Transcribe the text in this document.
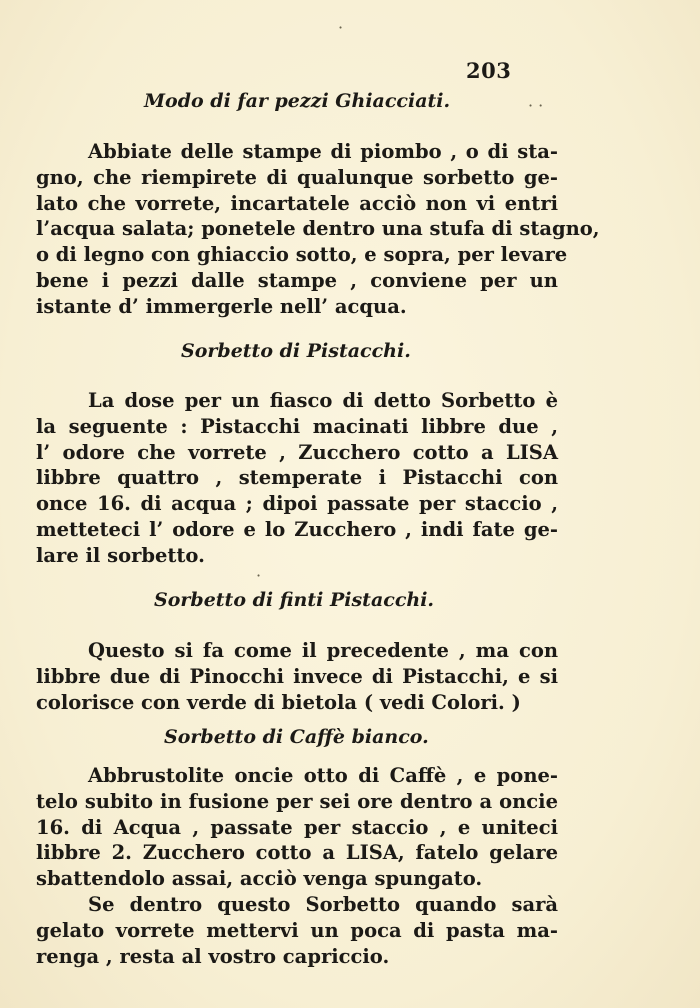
203
·
· ·
Modo di far pezzi Ghiacciati.
Abbiate delle stampe di piombo , o di sta-
gno, che riempirete di qualunque sorbetto ge-
lato che vorrete, incartatele acciò non vi entri
l’acqua salata; ponetele dentro una stufa di stagno,
o di legno con ghiaccio sotto, e sopra, per levare
bene i pezzi dalle stampe , conviene per un
istante d’ immergerle nell’ acqua.
Sorbetto di Pistacchi.
La dose per un fiasco di detto Sorbetto è
la seguente : Pistacchi macinati libbre due ,
l’ odore che vorrete , Zucchero cotto a LISA
libbre quattro , stemperate i Pistacchi con
once 16. di acqua ; dipoi passate per staccio ,
metteteci l’ odore e lo Zucchero , indi fate ge-
lare il sorbetto.
·
Sorbetto di finti Pistacchi.
Questo si fa come il precedente , ma con
libbre due di Pinocchi invece di Pistacchi, e si
colorisce con verde di bietola ( vedi Colori. )
Sorbetto di Caffè bianco.
Abbrustolite oncie otto di Caffè , e pone-
telo subito in fusione per sei ore dentro a oncie
16. di Acqua , passate per staccio , e uniteci
libbre 2. Zucchero cotto a LISA, fatelo gelare
sbattendolo assai, acciò venga spungato.
Se dentro questo Sorbetto quando sarà
gelato vorrete mettervi un poca di pasta ma-
renga , resta al vostro capriccio.
